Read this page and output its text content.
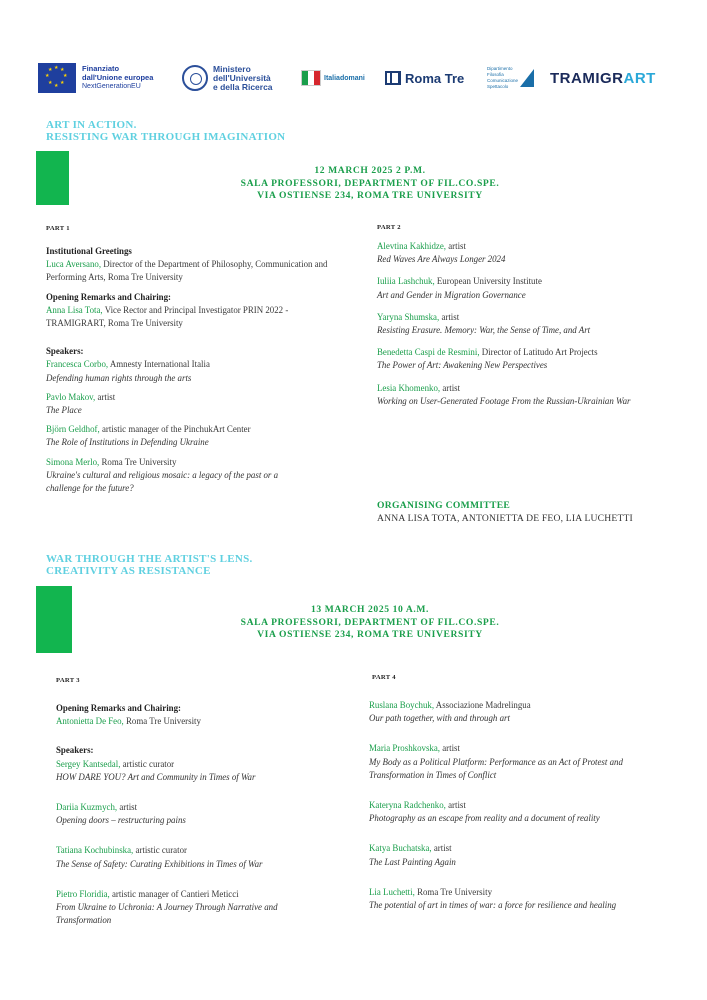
★ ★
★
★
★
★
★
★	Finanziato
dall'Unione europea
NextGenerationEU
Ministero
dell'Università
e della Ricerca
Italiadomani	Roma Tre
Dipartimento
Filosofia
Comunicazione
Spettacolo	TRAMIGRART
ART IN ACTION.
RESISTING WAR THROUGH IMAGINATION
12 MARCH 2025 2 P.M.
SALA PROFESSORI, DEPARTMENT OF FIL.CO.SPE.
VIA OSTIENSE 234, ROMA TRE UNIVERSITY
PART 1
Institutional Greetings
Luca Aversano, Director of the Department of Philosophy, Communication and Performing Arts, Roma Tre University
Opening Remarks and Chairing:
Anna Lisa Tota, Vice Rector and Principal Investigator PRIN 2022 - TRAMIGRART, Roma Tre University
Speakers:
Francesca Corbo, Amnesty International Italia
Defending human rights through the arts
Pavlo Makov, artist
The Place
Björn Geldhof, artistic manager of the PinchukArt Center
The Role of Institutions in Defending Ukraine
Simona Merlo, Roma Tre University
Ukraine's cultural and religious mosaic: a legacy of the past or a challenge for the future?
PART 2
Alevtina Kakhidze, artist
Red Waves Are Always Longer 2024
Iuliia Lashchuk, European University Institute
Art and Gender in Migration Governance
Yaryna Shumska, artist
Resisting Erasure. Memory: War, the Sense of Time, and Art
Benedetta Caspi de Resmini, Director of Latitudo Art Projects
The Power of Art: Awakening New Perspectives
Lesia Khomenko, artist
Working on User-Generated Footage From the Russian-Ukrainian War
ORGANISING COMMITTEE
ANNA LISA TOTA, ANTONIETTA DE FEO, LIA LUCHETTI
WAR THROUGH THE ARTIST'S LENS.
CREATIVITY AS RESISTANCE
13 MARCH 2025 10 A.M.
SALA PROFESSORI, DEPARTMENT OF FIL.CO.SPE.
VIA OSTIENSE 234, ROMA TRE UNIVERSITY
PART 3
Opening Remarks and Chairing:
Antonietta De Feo, Roma Tre University
Speakers:
Sergey Kantsedal, artistic curator
HOW DARE YOU? Art and Community in Times of War
Dariia Kuzmych, artist
Opening doors – restructuring pains
Tatiana Kochubinska, artistic curator
The Sense of Safety: Curating Exhibitions in Times of War
Pietro Floridia, artistic manager of Cantieri Meticci
From Ukraine to Uchronia: A Journey Through Narrative and Transformation
PART 4
Ruslana Boychuk, Associazione Madrelingua
Our path together, with and through art
Maria Proshkovska, artist
My Body as a Political Platform: Performance as an Act of Protest and Transformation in Times of Conflict
Kateryna Radchenko, artist
Photography as an escape from reality and a document of reality
Katya Buchatska, artist
The Last Painting Again
Lia Luchetti, Roma Tre University
The potential of art in times of war: a force for resilience and healing
